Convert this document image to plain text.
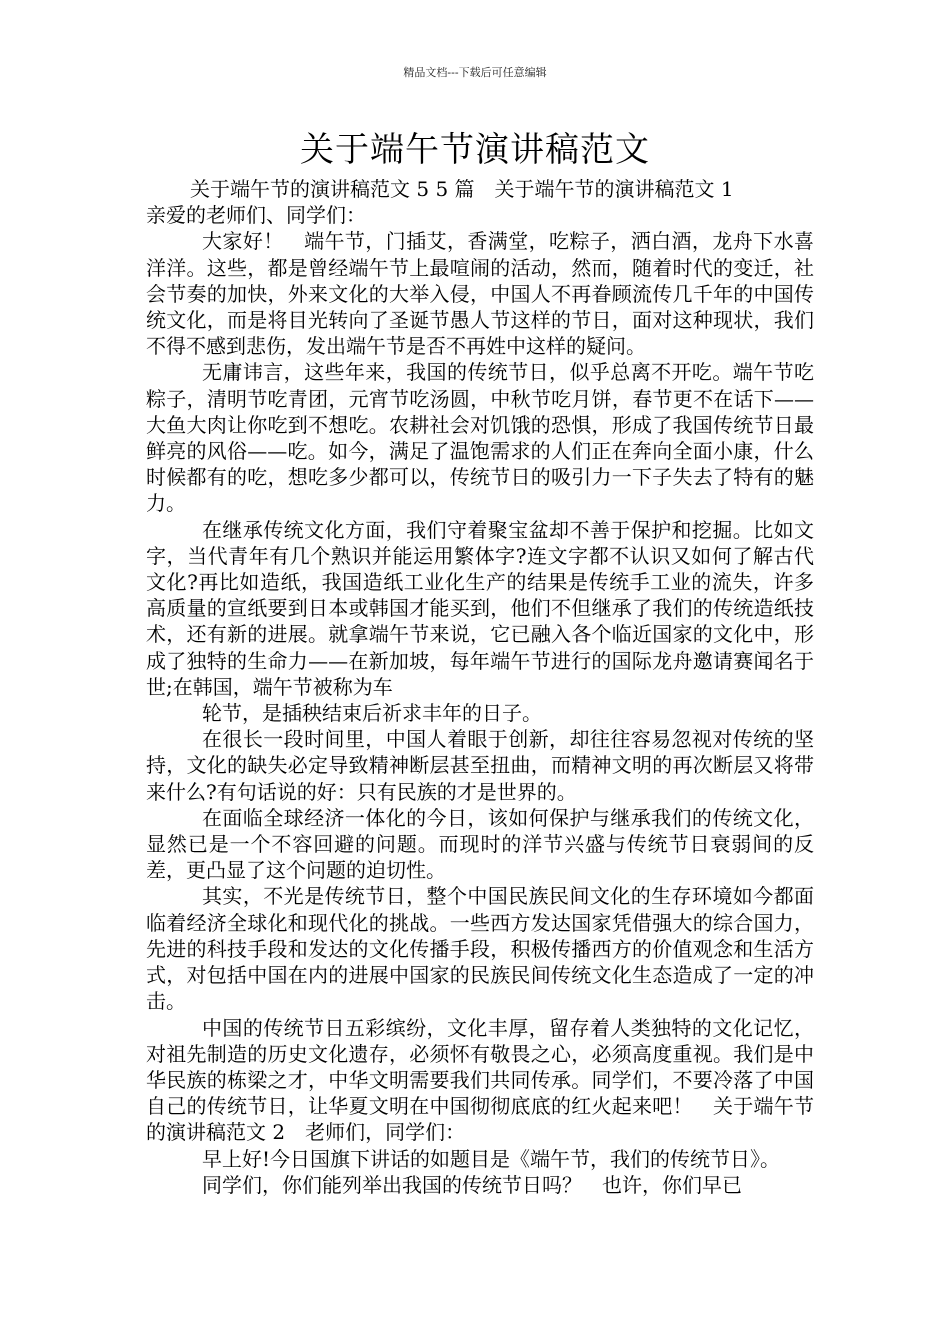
精品文档---下载后可任意编辑
关于端午节演讲稿范文

关于端午节的演讲稿范文 5 5 篇　关于端午节的演讲稿范文 1

亲爱的老师们、同学们：

大家好！　端午节，门插艾，香满堂，吃粽子，洒白酒，龙舟下水喜洋洋。这些，都是曾经端午节上最喧闹的活动，然而，随着时代的变迁，社会节奏的加快，外来文化的大举入侵，中国人不再眷顾流传几千年的中国传统文化，而是将目光转向了圣诞节愚人节这样的节日，面对这种现状，我们不得不感到悲伤，发出端午节是否不再姓中这样的疑问。

无庸讳言，这些年来，我国的传统节日，似乎总离不开吃。端午节吃粽子，清明节吃青团，元宵节吃汤圆，中秋节吃月饼，春节更不在话下——大鱼大肉让你吃到不想吃。农耕社会对饥饿的恐惧，形成了我国传统节日最鲜亮的风俗——吃。如今，满足了温饱需求的人们正在奔向全面小康，什么时候都有的吃，想吃多少都可以，传统节日的吸引力一下子失去了特有的魅力。

在继承传统文化方面，我们守着聚宝盆却不善于保护和挖掘。比如文字，当代青年有几个熟识并能运用繁体字?连文字都不认识又如何了解古代文化?再比如造纸，我国造纸工业化生产的结果是传统手工业的流失，许多高质量的宣纸要到日本或韩国才能买到，他们不但继承了我们的传统造纸技术，还有新的进展。就拿端午节来说，它已融入各个临近国家的文化中，形成了独特的生命力——在新加坡，每年端午节进行的国际龙舟邀请赛闻名于世;在韩国，端午节被称为车

轮节，是插秧结束后祈求丰年的日子。

在很长一段时间里，中国人着眼于创新，却往往容易忽视对传统的坚持，文化的缺失必定导致精神断层甚至扭曲，而精神文明的再次断层又将带来什么?有句话说的好：只有民族的才是世界的。

在面临全球经济一体化的今日，该如何保护与继承我们的传统文化，显然已是一个不容回避的问题。而现时的洋节兴盛与传统节日衰弱间的反差，更凸显了这个问题的迫切性。

其实，不光是传统节日，整个中国民族民间文化的生存环境如今都面临着经济全球化和现代化的挑战。一些西方发达国家凭借强大的综合国力，先进的科技手段和发达的文化传播手段，积极传播西方的价值观念和生活方式，对包括中国在内的进展中国家的民族民间传统文化生态造成了一定的冲击。

中国的传统节日五彩缤纷，文化丰厚，留存着人类独特的文化记忆，对祖先制造的历史文化遗存，必须怀有敬畏之心，必须高度重视。我们是中华民族的栋梁之才，中华文明需要我们共同传承。同学们，不要冷落了中国自己的传统节日，让华夏文明在中国彻彻底底的红火起来吧！　关于端午节的演讲稿范文 2　老师们，同学们：

早上好!今日国旗下讲话的如题目是《端午节，我们的传统节日》。

同学们，你们能列举出我国的传统节日吗？　也许，你们早已
